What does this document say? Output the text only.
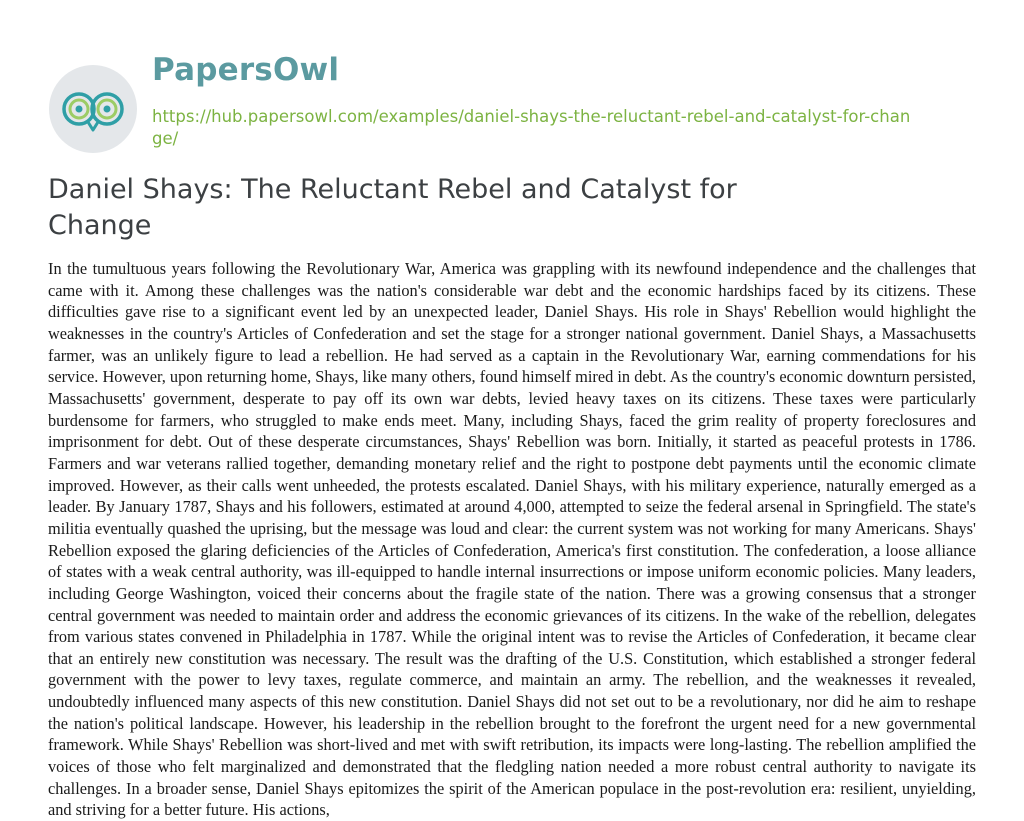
PapersOwl
https://hub.papersowl.com/examples/daniel-shays-the-reluctant-rebel-and-catalyst-for-change/
Daniel Shays: The Reluctant Rebel and Catalyst for Change

In the tumultuous years following the Revolutionary War, America was grappling with its newfound independence and the challenges that came with it. Among these challenges was the nation's considerable war debt and the economic hardships faced by its citizens. These difficulties gave rise to a significant event led by an unexpected leader, Daniel Shays. His role in Shays' Rebellion would highlight the weaknesses in the country's Articles of Confederation and set the stage for a stronger national government. Daniel Shays, a Massachusetts farmer, was an unlikely figure to lead a rebellion. He had served as a captain in the Revolutionary War, earning commendations for his service. However, upon returning home, Shays, like many others, found himself mired in debt. As the country's economic downturn persisted, Massachusetts' government, desperate to pay off its own war debts, levied heavy taxes on its citizens. These taxes were particularly burdensome for farmers, who struggled to make ends meet. Many, including Shays, faced the grim reality of property foreclosures and imprisonment for debt. Out of these desperate circumstances, Shays' Rebellion was born. Initially, it started as peaceful protests in 1786. Farmers and war veterans rallied together, demanding monetary relief and the right to postpone debt payments until the economic climate improved. However, as their calls went unheeded, the protests escalated. Daniel Shays, with his military experience, naturally emerged as a leader. By January 1787, Shays and his followers, estimated at around 4,000, attempted to seize the federal arsenal in Springfield. The state's militia eventually quashed the uprising, but the message was loud and clear: the current system was not working for many Americans. Shays' Rebellion exposed the glaring deficiencies of the Articles of Confederation, America's first constitution. The confederation, a loose alliance of states with a weak central authority, was ill-equipped to handle internal insurrections or impose uniform economic policies. Many leaders, including George Washington, voiced their concerns about the fragile state of the nation. There was a growing consensus that a stronger central government was needed to maintain order and address the economic grievances of its citizens. In the wake of the rebellion, delegates from various states convened in Philadelphia in 1787. While the original intent was to revise the Articles of Confederation, it became clear that an entirely new constitution was necessary. The result was the drafting of the U.S. Constitution, which established a stronger federal government with the power to levy taxes, regulate commerce, and maintain an army. The rebellion, and the weaknesses it revealed, undoubtedly influenced many aspects of this new constitution. Daniel Shays did not set out to be a revolutionary, nor did he aim to reshape the nation's political landscape. However, his leadership in the rebellion brought to the forefront the urgent need for a new governmental framework. While Shays' Rebellion was short-lived and met with swift retribution, its impacts were long-lasting. The rebellion amplified the voices of those who felt marginalized and demonstrated that the fledgling nation needed a more robust central authority to navigate its challenges. In a broader sense, Daniel Shays epitomizes the spirit of the American populace in the post-revolution era: resilient, unyielding, and striving for a better future. His actions,
